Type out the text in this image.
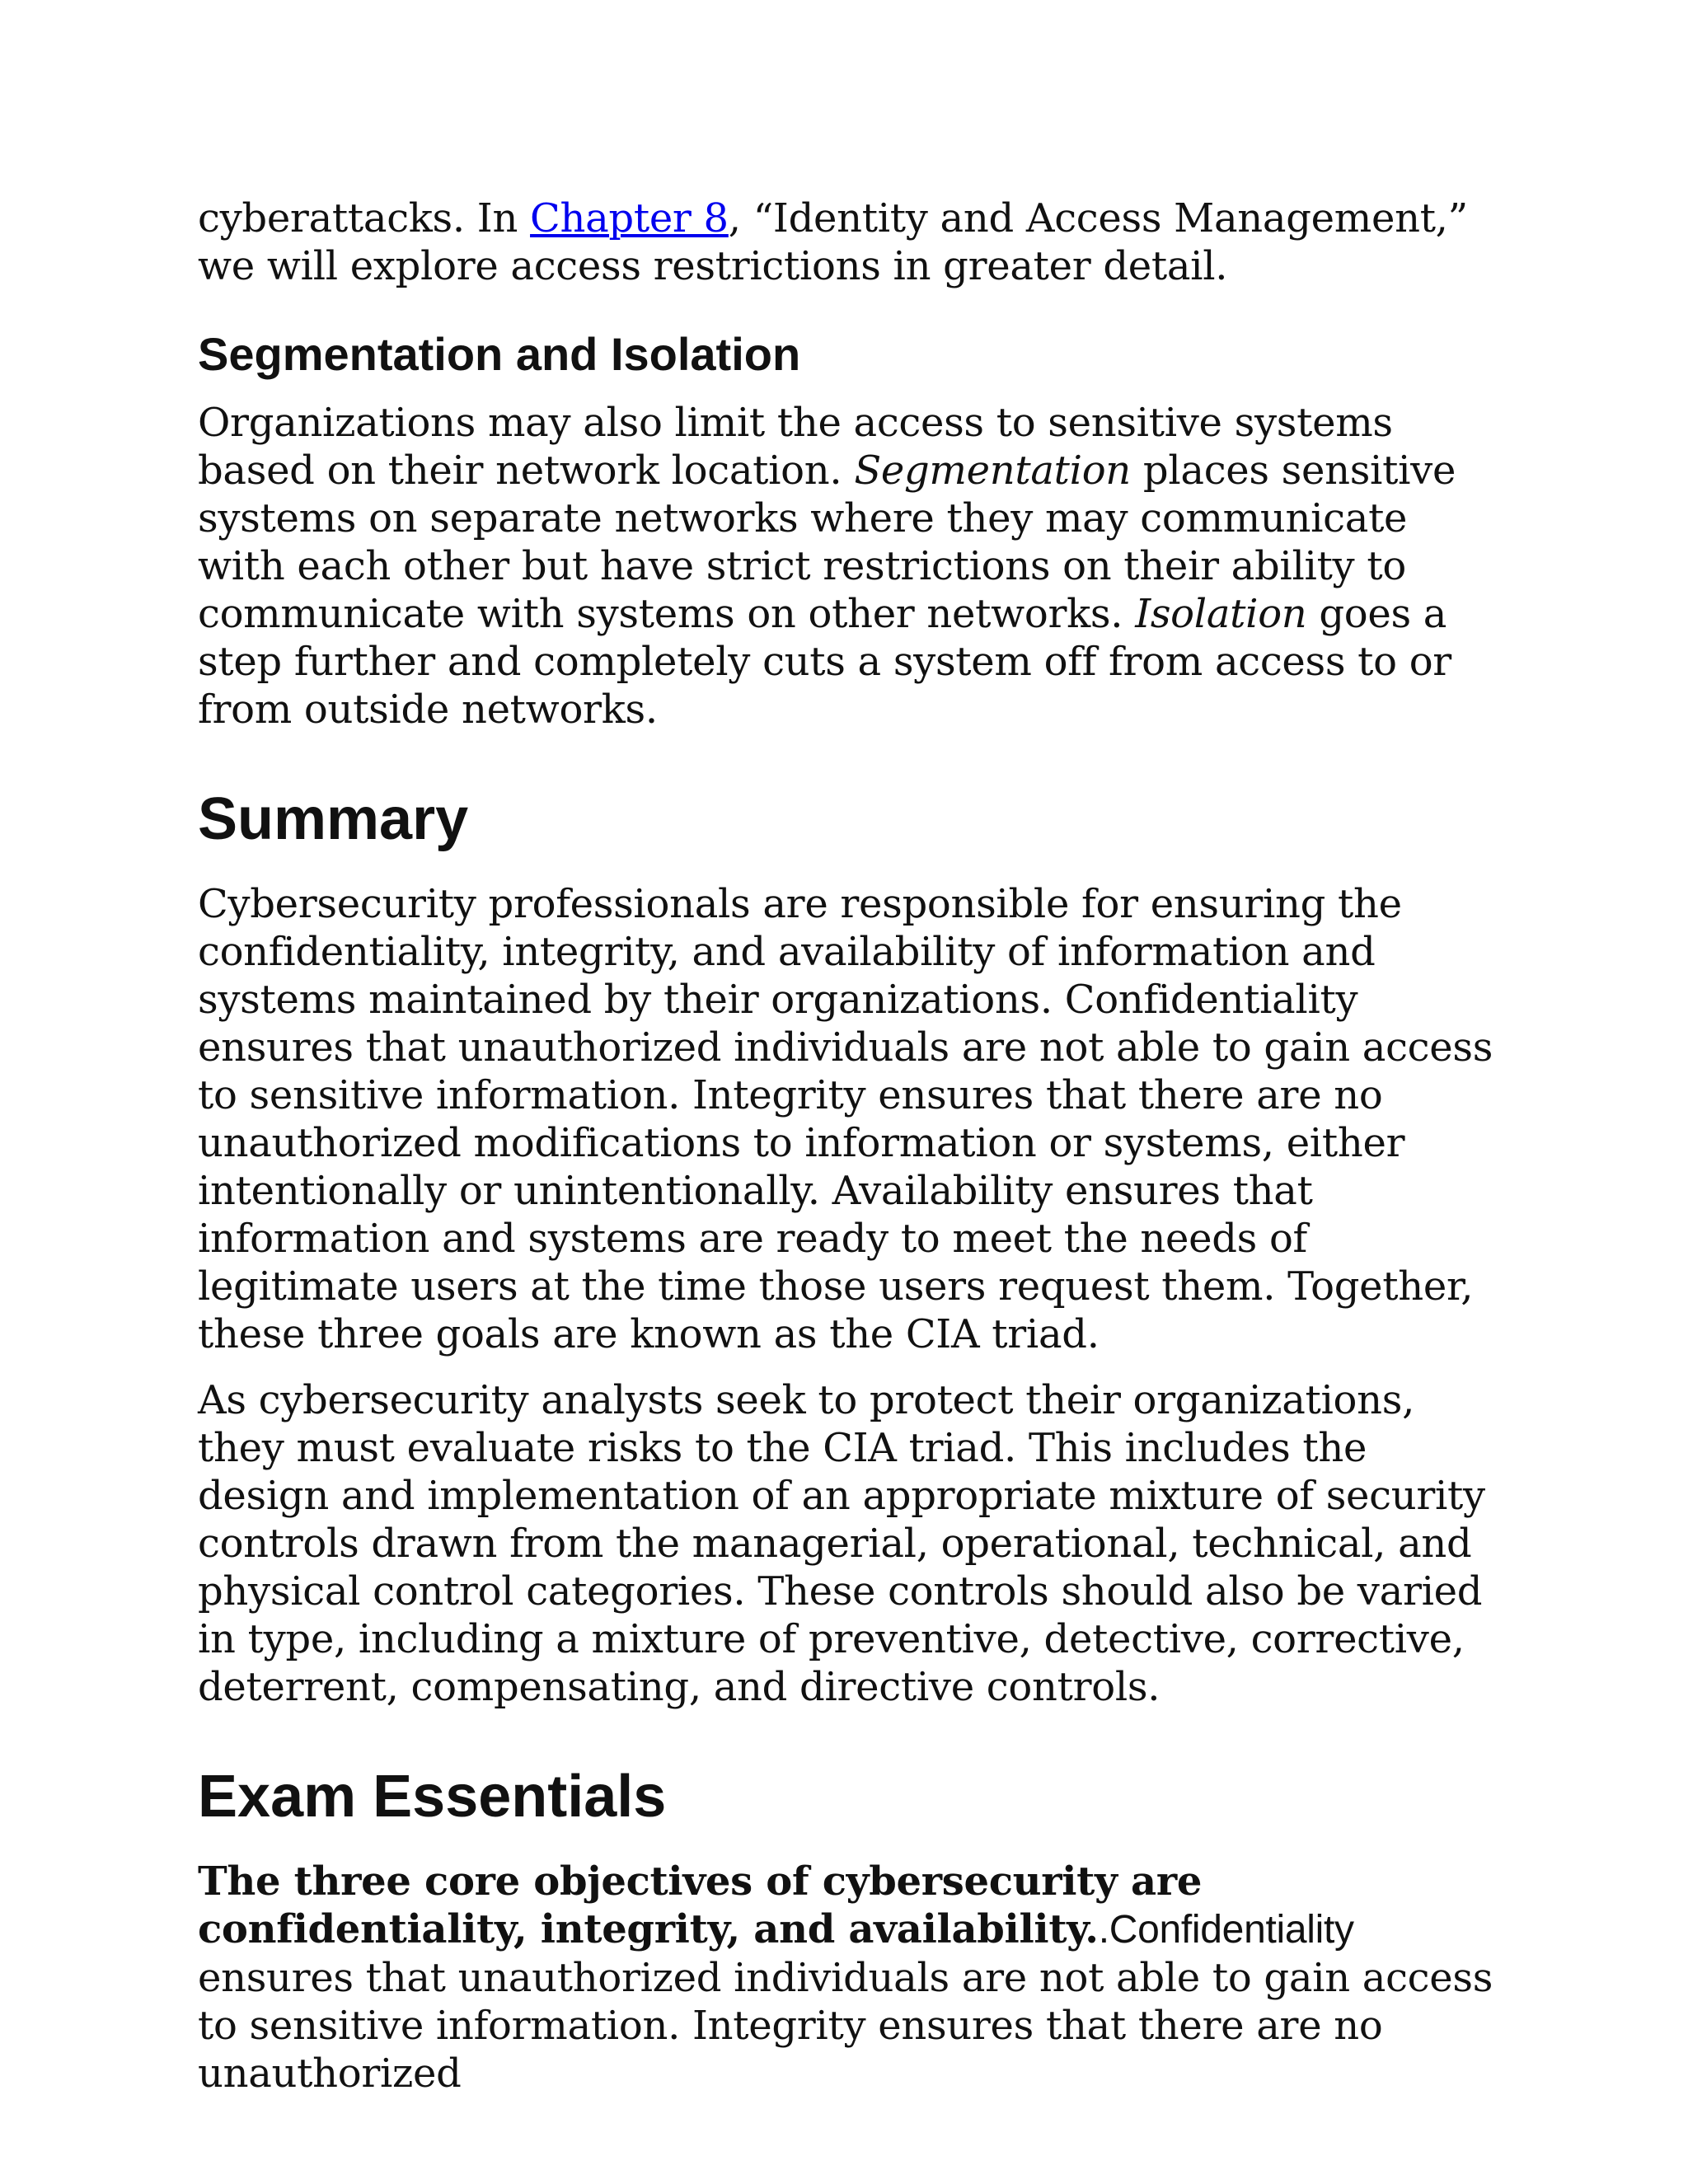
cyberattacks. In Chapter 8, “Identity and Access Management,” we will explore access restrictions in greater detail.

Segmentation and Isolation

Organizations may also limit the access to sensitive systems based on their network location. Segmentation places sensitive systems on separate networks where they may communicate with each other but have strict restrictions on their ability to communicate with systems on other networks. Isolation goes a step further and completely cuts a system off from access to or from outside networks.

Summary

Cybersecurity professionals are responsible for ensuring the confidentiality, integrity, and availability of information and systems maintained by their organizations. Confidentiality ensures that unauthorized individuals are not able to gain access to sensitive information. Integrity ensures that there are no unauthorized modifications to information or systems, either intentionally or unintentionally. Availability ensures that information and systems are ready to meet the needs of legitimate users at the time those users request them. Together, these three goals are known as the CIA triad.

As cybersecurity analysts seek to protect their organizations, they must evaluate risks to the CIA triad. This includes the design and implementation of an appropriate mixture of security controls drawn from the managerial, operational, technical, and physical control categories. These controls should also be varied in type, including a mixture of preventive, detective, corrective, deterrent, compensating, and directive controls.

Exam Essentials

The three core objectives of cybersecurity are confidentiality, integrity, and availability..Confidentiality ensures that unauthorized individuals are not able to gain access to sensitive information. Integrity ensures that there are no unauthorized
